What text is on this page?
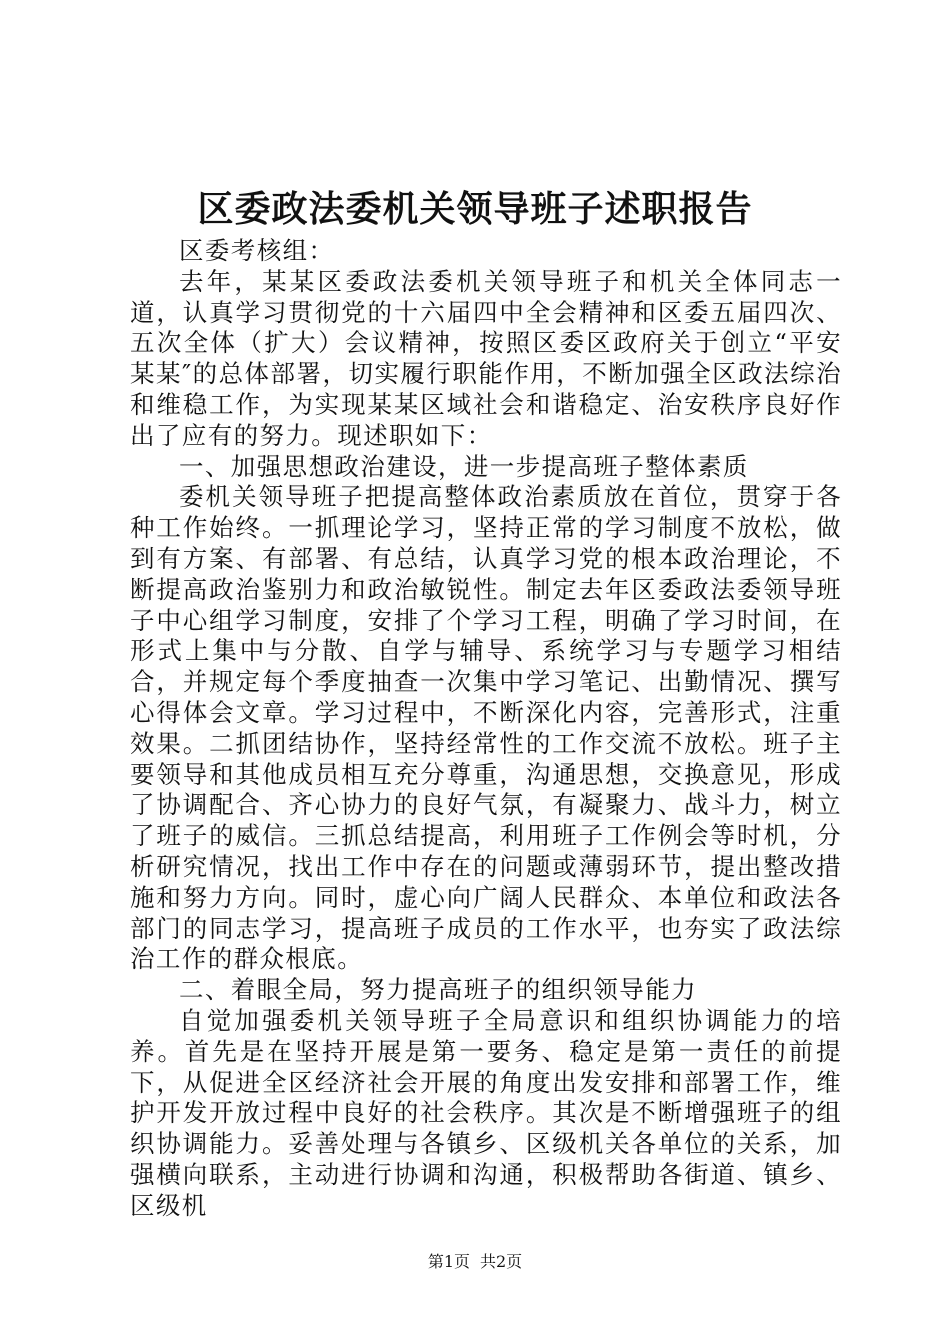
区委政法委机关领导班子述职报告

区委考核组：

去年，某某区委政法委机关领导班子和机关全体同志一道，认真学习贯彻党的十六届四中全会精神和区委五届四次、五次全体（扩大）会议精神，按照区委区政府关于创立“平安某某″的总体部署，切实履行职能作用，不断加强全区政法综治和维稳工作，为实现某某区域社会和谐稳定、治安秩序良好作出了应有的努力。现述职如下：

一、加强思想政治建设，进一步提高班子整体素质

委机关领导班子把提高整体政治素质放在首位，贯穿于各种工作始终。一抓理论学习，坚持正常的学习制度不放松，做到有方案、有部署、有总结，认真学习党的根本政治理论，不断提高政治鉴别力和政治敏锐性。制定去年区委政法委领导班子中心组学习制度，安排了个学习工程，明确了学习时间，在形式上集中与分散、自学与辅导、系统学习与专题学习相结合，并规定每个季度抽查一次集中学习笔记、出勤情况、撰写心得体会文章。学习过程中，不断深化内容，完善形式，注重效果。二抓团结协作，坚持经常性的工作交流不放松。班子主要领导和其他成员相互充分尊重，沟通思想，交换意见，形成了协调配合、齐心协力的良好气氛，有凝聚力、战斗力，树立了班子的威信。三抓总结提高，利用班子工作例会等时机，分析研究情况，找出工作中存在的问题或薄弱环节，提出整改措施和努力方向。同时，虚心向广阔人民群众、本单位和政法各部门的同志学习，提高班子成员的工作水平，也夯实了政法综治工作的群众根底。

二、着眼全局，努力提高班子的组织领导能力

自觉加强委机关领导班子全局意识和组织协调能力的培养。首先是在坚持开展是第一要务、稳定是第一责任的前提下，从促进全区经济社会开展的角度出发安排和部署工作，维护开发开放过程中良好的社会秩序。其次是不断增强班子的组织协调能力。妥善处理与各镇乡、区级机关各单位的关系，加强横向联系，主动进行协调和沟通，积极帮助各街道、镇乡、区级机

第1页 共2页
